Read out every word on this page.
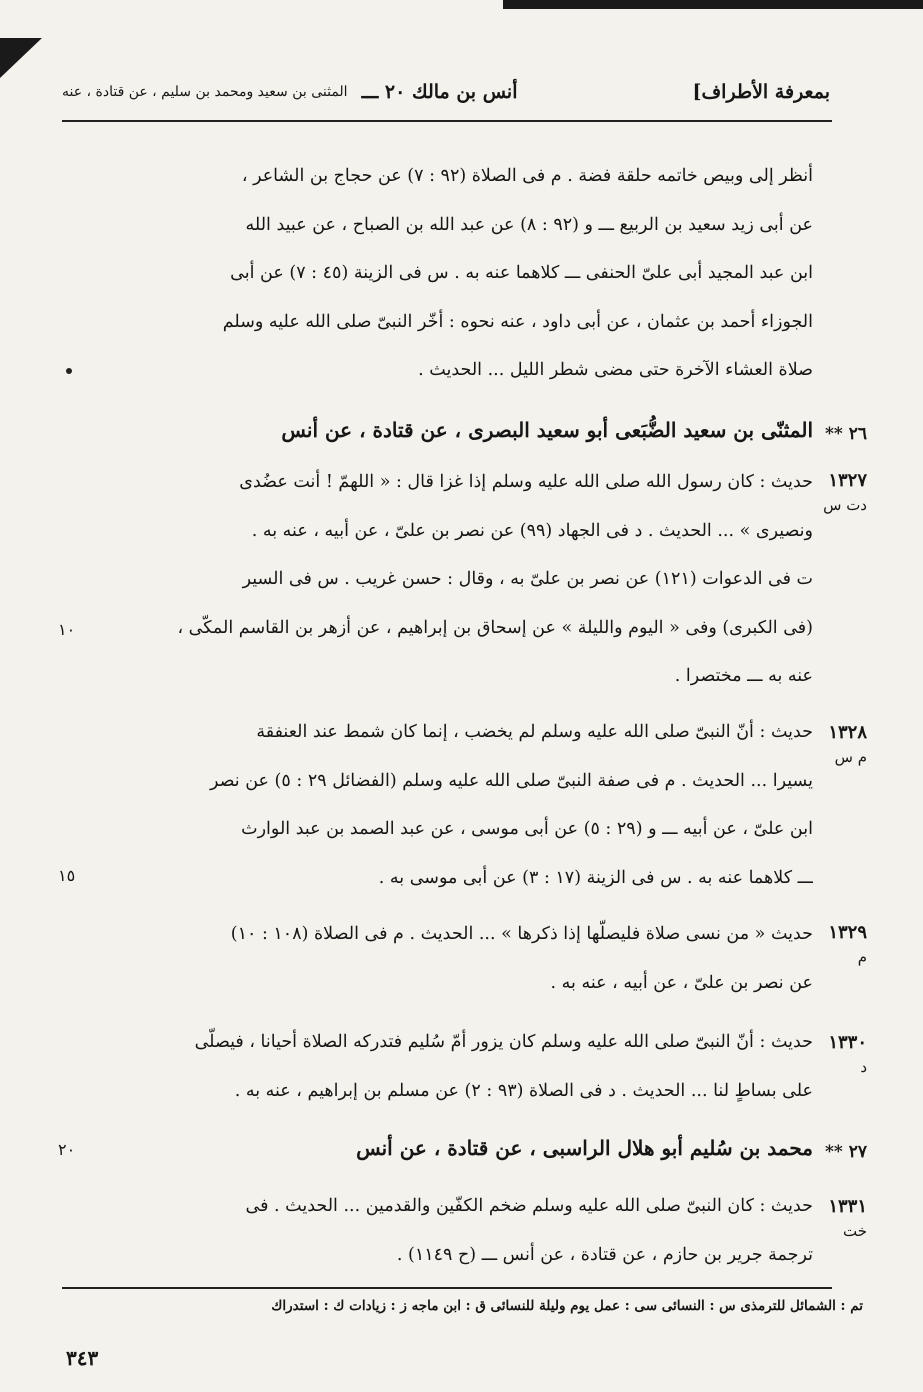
بمعرفة الأطراف]
أنس بن مالك ٢٠ ـــ
المثنى بن سعيد ومحمد بن سليم ، عن قتادة ، عنه
أنظر إلى وبيص خاتمه حلقة فضة . م فى الصلاة (٩٢ : ٧) عن حجاج بن الشاعر ،
عن أبى زيد سعيد بن الربيع ـــ و (٩٢ : ٨) عن عبد الله بن الصباح ، عن عبيد الله
ابن عبد المجيد أبى علىّ الحنفى ـــ كلاهما عنه به . س فى الزينة (٤٥ : ٧) عن أبى
الجوزاء أحمد بن عثمان ، عن أبى داود ، عنه نحوه : أخّر النبىّ صلى الله عليه وسلم
صلاة العشاء الآخرة حتى مضى شطر الليل ... الحديث .
٢٦ **
المثنّى بن سعيد الضُّبَعى أبو سعيد البصرى ، عن قتادة ، عن أنس
١٣٢٧
دت س
حديث : كان رسول الله صلى الله عليه وسلم إذا غزا قال : « اللهمّ ! أنت عضُدى
ونصيرى » ... الحديث . د فى الجهاد (٩٩) عن نصر بن علىّ ، عن أبيه ، عنه به .
ت فى الدعوات (١٢١) عن نصر بن علىّ به ، وقال : حسن غريب . س فى السير
(فى الكبرى) وفى « اليوم والليلة » عن إسحاق بن إبراهيم ، عن أزهر بن القاسم المكّى ،
عنه به ـــ مختصرا .
١٠
١٣٢٨
م س
حديث : أنّ النبىّ صلى الله عليه وسلم لم يخضب ، إنما كان شمط عند العنفقة
يسيرا ... الحديث . م فى صفة النبىّ صلى الله عليه وسلم (الفضائل ٢٩ : ٥) عن نصر
ابن علىّ ، عن أبيه ـــ و (٢٩ : ٥) عن أبى موسى ، عن عبد الصمد بن عبد الوارث
ـــ كلاهما عنه به . س فى الزينة (١٧ : ٣) عن أبى موسى به .
١٥
١٣٢٩
م
حديث « من نسى صلاة فليصلّها إذا ذكرها » ... الحديث . م فى الصلاة (١٠٨ : ١٠)
عن نصر بن علىّ ، عن أبيه ، عنه به .
١٣٣٠
د
حديث : أنّ النبىّ صلى الله عليه وسلم كان يزور أمّ سُليم فتدركه الصلاة أحيانا ، فيصلّى
على بساطٍ لنا ... الحديث . د فى الصلاة (٩٣ : ٢) عن مسلم بن إبراهيم ، عنه به .
٢٧ **
محمد بن سُليم أبو هلال الراسبى ، عن قتادة ، عن أنس
٢٠
١٣٣١
خت
حديث : كان النبىّ صلى الله عليه وسلم ضخم الكفّين والقدمين ... الحديث . فى
ترجمة جرير بن حازم ، عن قتادة ، عن أنس ـــ (ح ١١٤٩) .
تم : الشمائل للترمذى س : النسائى سى : عمل يوم وليلة للنسائى ق : ابن ماجه ز : زيادات ك : استدراك
٣٤٣
